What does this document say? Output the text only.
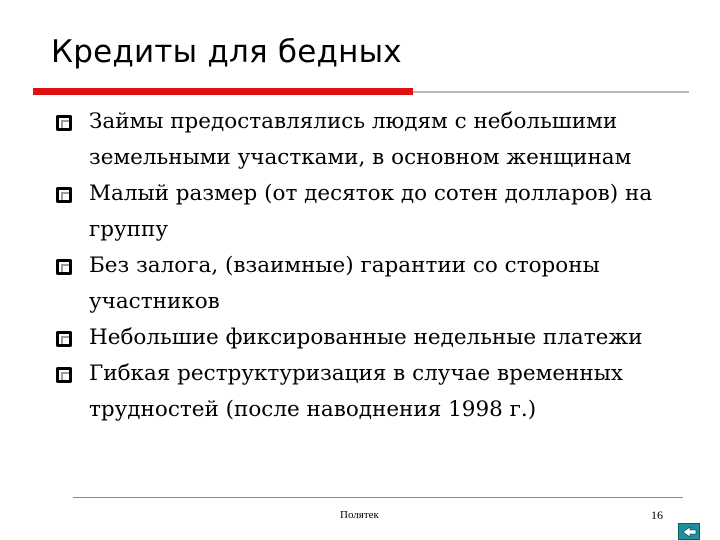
Кредиты для бедных
Займы предоставлялись людям с небольшими земельными участками, в основном женщинам
Малый размер (от десяток до сотен долларов) на группу
Без залога, (взаимные) гарантии со стороны участников
Небольшие фиксированные недельные платежи
Гибкая реструктуризация в случае временных трудностей (после наводнения 1998 г.)
Полятек	16
